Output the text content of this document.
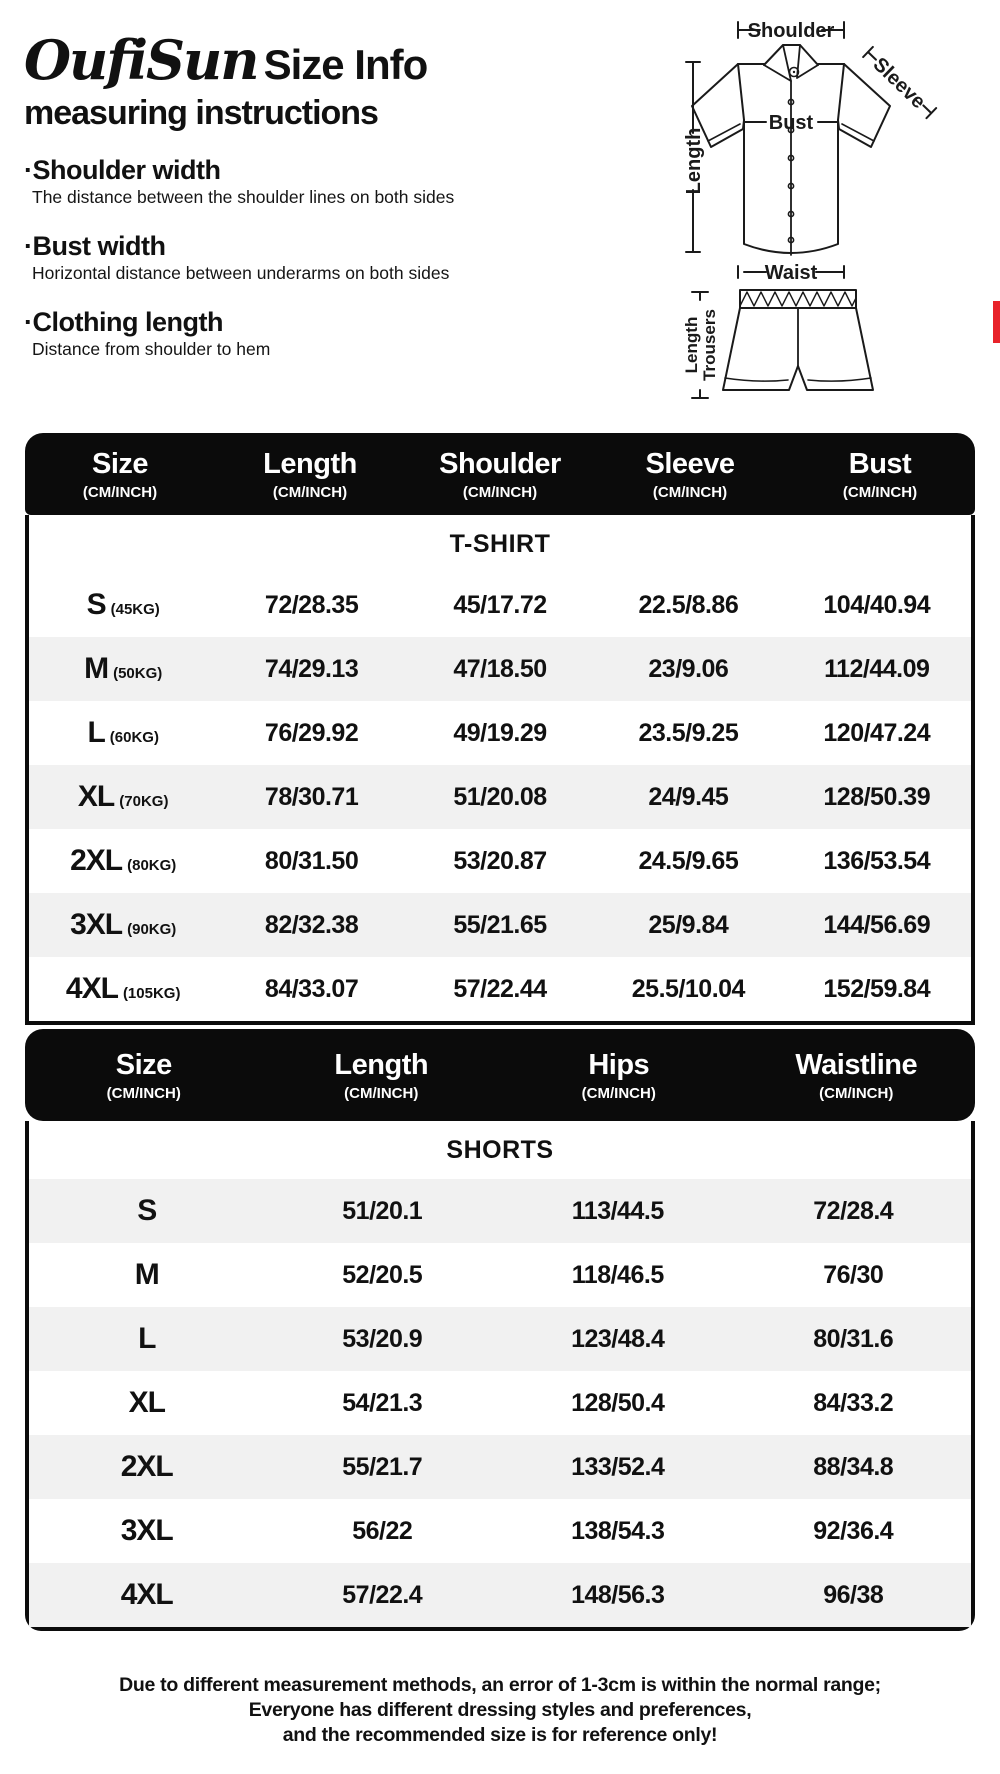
OufiSun Size Info
measuring instructions
·Shoulder width
The distance between the shoulder lines on both sides
·Bust width
Horizontal distance between underarms on both sides
·Clothing length
Distance from shoulder to hem
Shoulder
Bust
Waist
Length
Sleeve
Length Trousers
Size
(CM/INCH)
Length
(CM/INCH)
Shoulder
(CM/INCH)
Sleeve
(CM/INCH)
Bust
(CM/INCH)
T-SHIRT
S (45KG)	72/28.35	45/17.72	22.5/8.86	104/40.94
M (50KG)	74/29.13	47/18.50	23/9.06	112/44.09
L (60KG)	76/29.92	49/19.29	23.5/9.25	120/47.24
XL (70KG)	78/30.71	51/20.08	24/9.45	128/50.39
2XL (80KG)	80/31.50	53/20.87	24.5/9.65	136/53.54
3XL (90KG)	82/32.38	55/21.65	25/9.84	144/56.69
4XL (105KG)	84/33.07	57/22.44	25.5/10.04	152/59.84
Size
(CM/INCH)
Length
(CM/INCH)
Hips
(CM/INCH)
Waistline
(CM/INCH)
SHORTS
S	51/20.1	113/44.5	72/28.4
M	52/20.5	118/46.5	76/30
L	53/20.9	123/48.4	80/31.6
XL	54/21.3	128/50.4	84/33.2
2XL	55/21.7	133/52.4	88/34.8
3XL	56/22	138/54.3	92/36.4
4XL	57/22.4	148/56.3	96/38
Due to different measurement methods, an error of 1-3cm is within the normal range;
Everyone has different dressing styles and preferences,
and the recommended size is for reference only!
